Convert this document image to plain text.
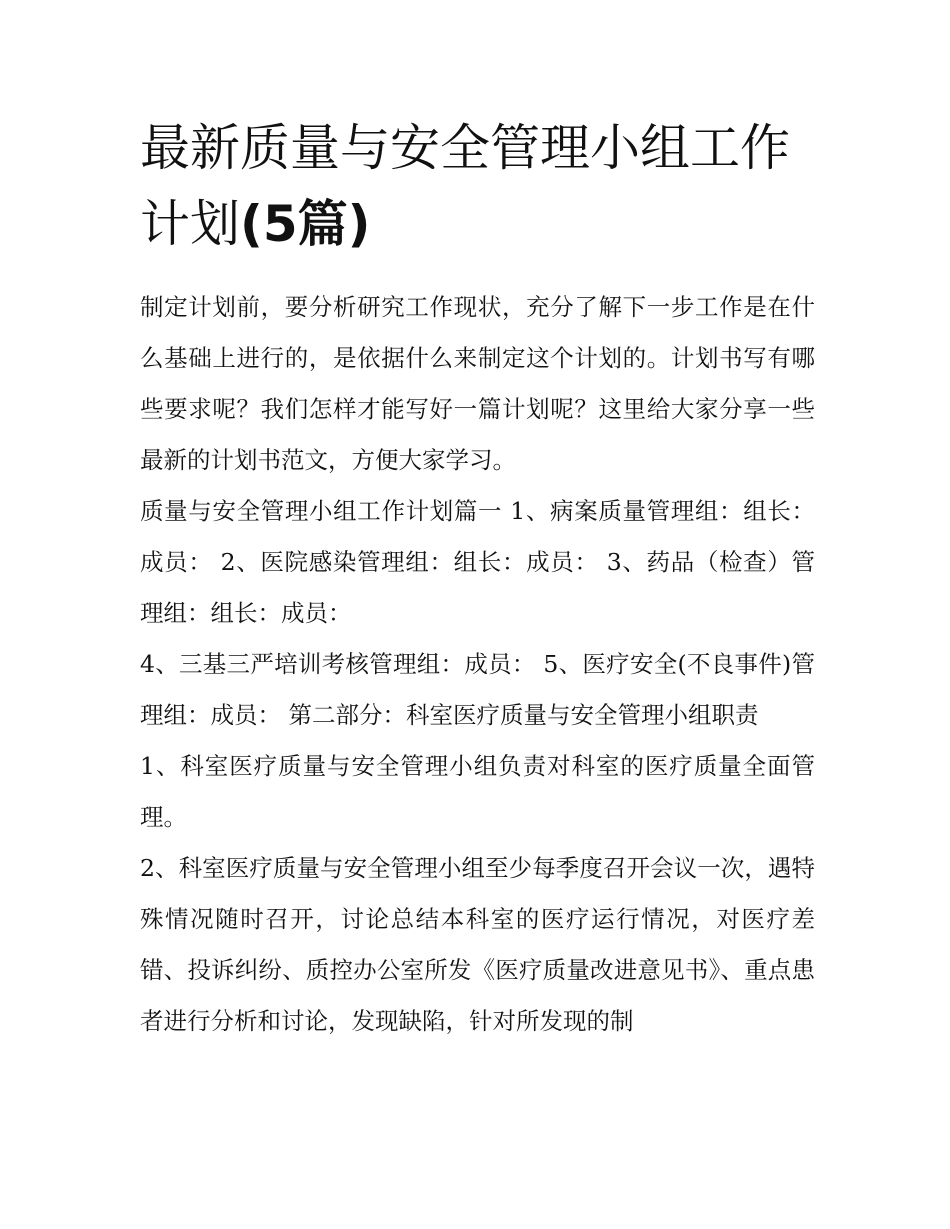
最新质量与安全管理小组工作计划(5篇)

制定计划前，要分析研究工作现状，充分了解下一步工作是在什么基础上进行的，是依据什么来制定这个计划的。计划书写有哪些要求呢？我们怎样才能写好一篇计划呢？这里给大家分享一些最新的计划书范文，方便大家学习。

质量与安全管理小组工作计划篇一 1、病案质量管理组：组长：成员： 2、医院感染管理组：组长：成员： 3、药品（检查）管理组：组长：成员：

4、三基三严培训考核管理组：成员： 5、医疗安全(不良事件)管理组：成员： 第二部分：科室医疗质量与安全管理小组职责

1、科室医疗质量与安全管理小组负责对科室的医疗质量全面管理。

2、科室医疗质量与安全管理小组至少每季度召开会议一次，遇特殊情况随时召开，讨论总结本科室的医疗运行情况，对医疗差错、投诉纠纷、质控办公室所发《医疗质量改进意见书》、重点患者进行分析和讨论，发现缺陷，针对所发现的制
